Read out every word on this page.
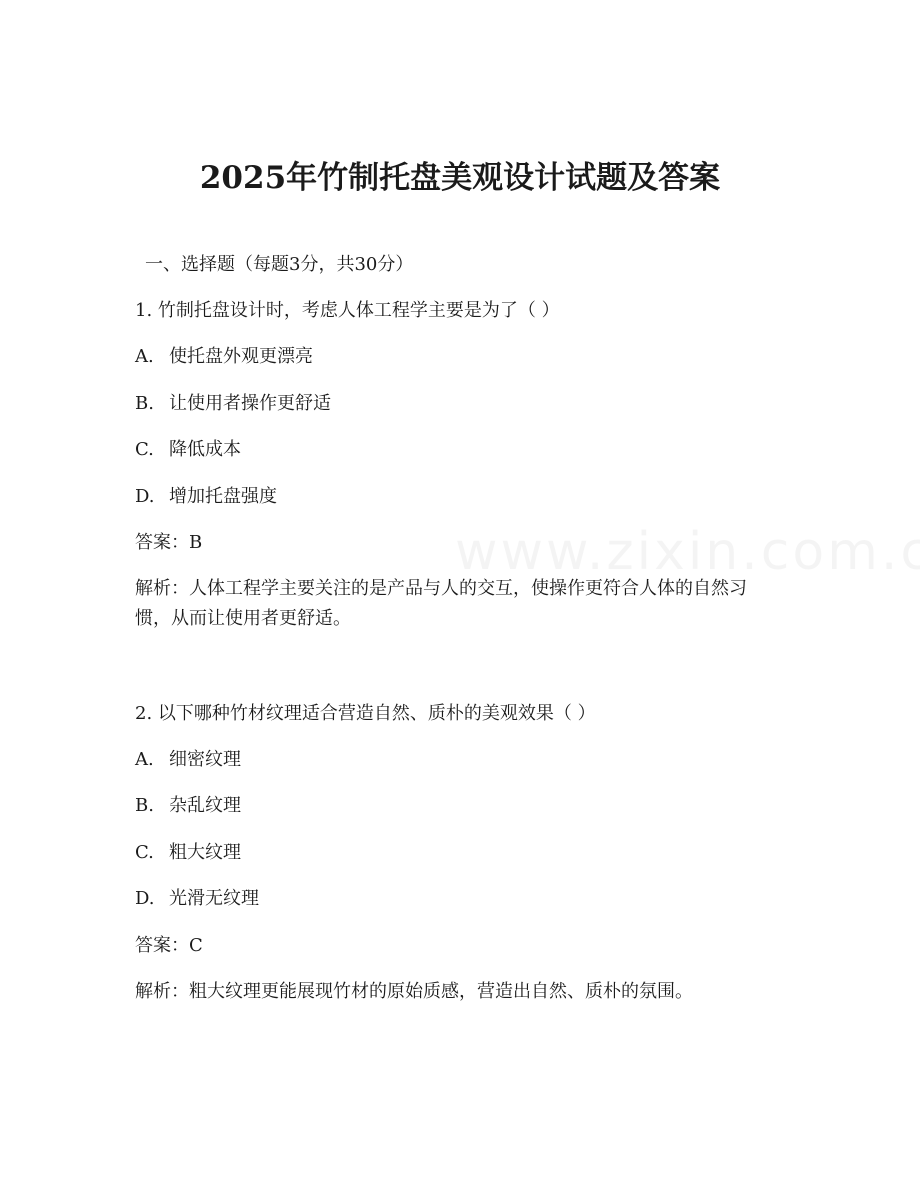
2025年竹制托盘美观设计试题及答案
一、选择题（每题3分，共30分）
1. 竹制托盘设计时，考虑人体工程学主要是为了（ ）
A. 使托盘外观更漂亮
B. 让使用者操作更舒适
C. 降低成本
D. 增加托盘强度
答案：B
解析：人体工程学主要关注的是产品与人的交互，使操作更符合人体的自然习惯，从而让使用者更舒适。
2. 以下哪种竹材纹理适合营造自然、质朴的美观效果（ ）
A. 细密纹理
B. 杂乱纹理
C. 粗大纹理
D. 光滑无纹理
答案：C
解析：粗大纹理更能展现竹材的原始质感，营造出自然、质朴的氛围。
